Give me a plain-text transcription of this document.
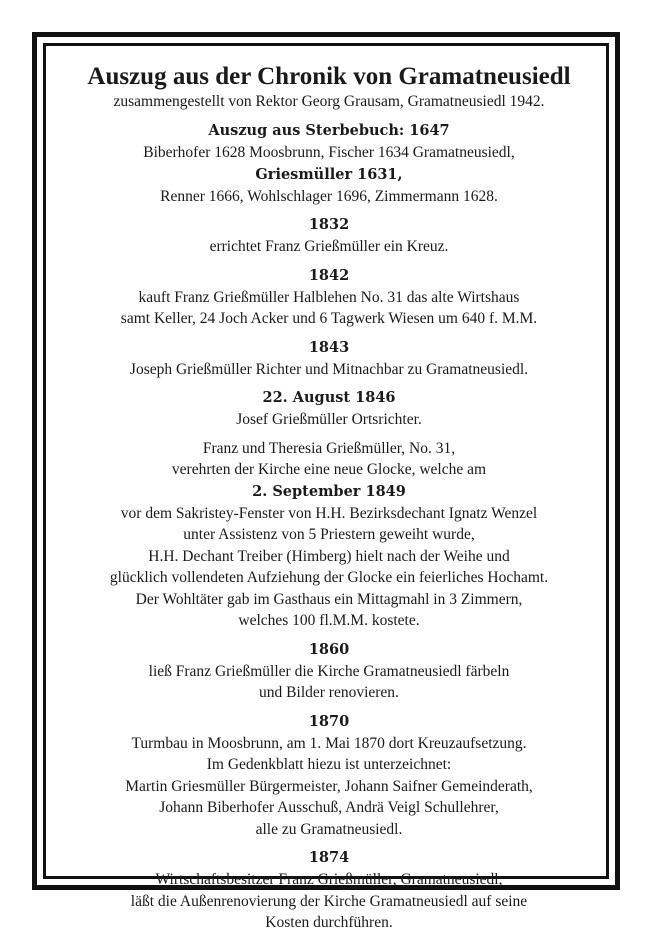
Auszug aus der Chronik von Gramatneusiedl
zusammengestellt von Rektor Georg Grausam, Gramatneusiedl 1942.
Auszug aus Sterbebuch: 1647
Biberhofer 1628 Moosbrunn, Fischer 1634 Gramatneusiedl,
Griesmüller 1631,
Renner 1666, Wohlschlager 1696, Zimmermann 1628.
1832
errichtet Franz Grießmüller ein Kreuz.
1842
kauft Franz Grießmüller Halblehen No. 31 das alte Wirtshaus
samt Keller, 24 Joch Acker und 6 Tagwerk Wiesen um 640 f. M.M.
1843
Joseph Grießmüller Richter und Mitnachbar zu Gramatneusiedl.
22. August 1846
Josef Grießmüller Ortsrichter.
Franz und Theresia Grießmüller, No. 31,
verehrten der Kirche eine neue Glocke, welche am
2. September 1849
vor dem Sakristey-Fenster von H.H. Bezirksdechant Ignatz Wenzel
unter Assistenz von 5 Priestern geweiht wurde,
H.H. Dechant Treiber (Himberg) hielt nach der Weihe und
glücklich vollendeten Aufziehung der Glocke ein feierliches Hochamt.
Der Wohltäter gab im Gasthaus ein Mittagmahl in 3 Zimmern,
welches 100 fl.M.M. kostete.
1860
ließ Franz Grießmüller die Kirche Gramatneusiedl färbeln
und Bilder renovieren.
1870
Turmbau in Moosbrunn, am 1. Mai 1870 dort Kreuzaufsetzung.
Im Gedenkblatt hiezu ist unterzeichnet:
Martin Griesmüller Bürgermeister, Johann Saifner Gemeinderath,
Johann Biberhofer Ausschuß, Andrä Veigl Schullehrer,
alle zu Gramatneusiedl.
1874
Wirtschaftsbesitzer Franz Grießmüller, Gramatneusiedl,
läßt die Außenrenovierung der Kirche Gramatneusiedl auf seine
Kosten durchführen.
